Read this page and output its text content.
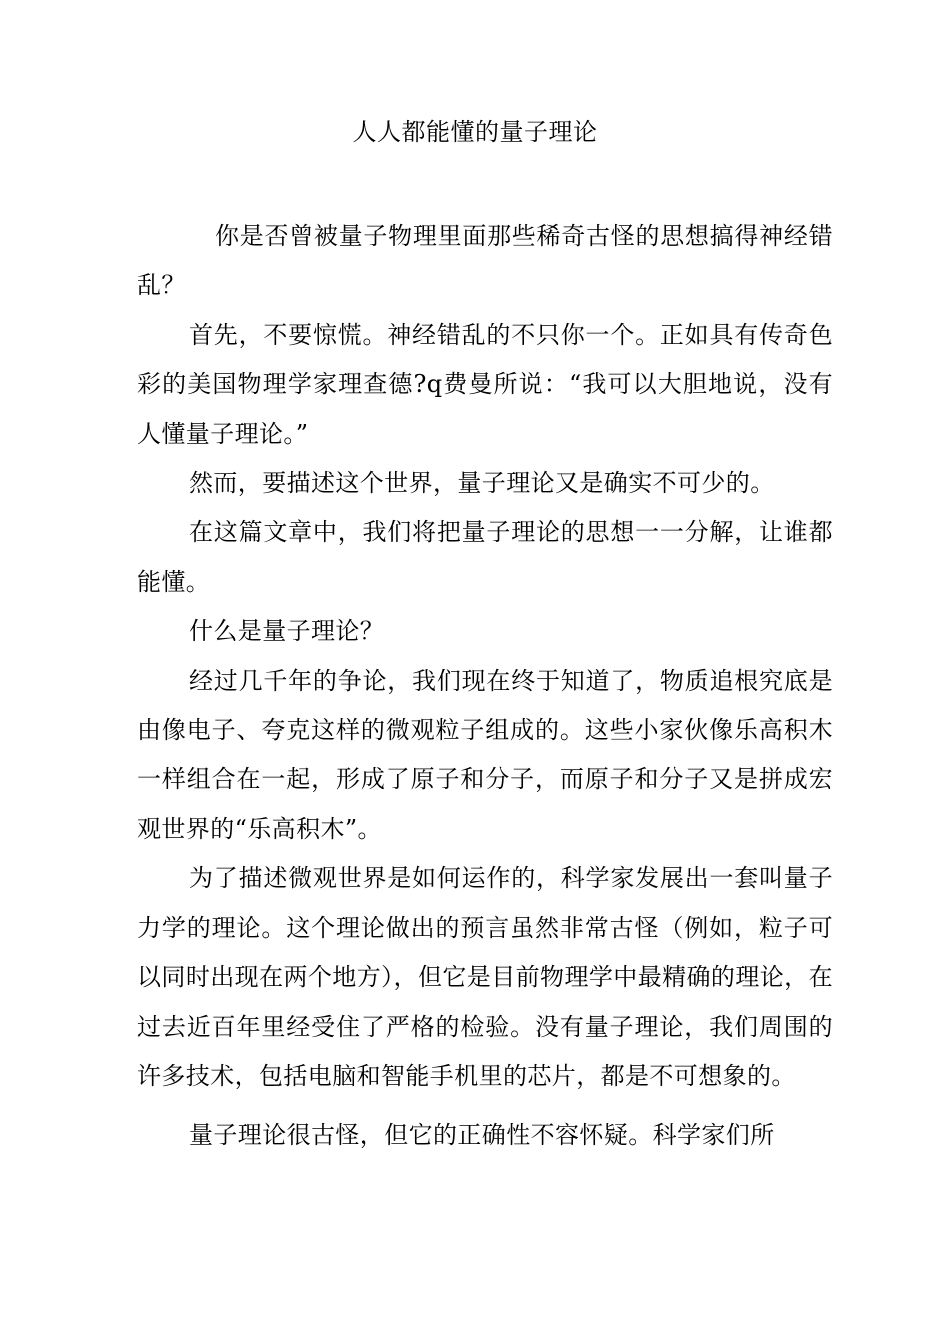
人人都能懂的量子理论

你是否曾被量子物理里面那些稀奇古怪的思想搞得神经错乱？

首先，不要惊慌。神经错乱的不只你一个。正如具有传奇色彩的美国物理学家理查德?q费曼所说：“我可以大胆地说，没有人懂量子理论。”

然而，要描述这个世界，量子理论又是确实不可少的。

在这篇文章中，我们将把量子理论的思想一一分解，让谁都能懂。

什么是量子理论？

经过几千年的争论，我们现在终于知道了，物质追根究底是由像电子、夸克这样的微观粒子组成的。这些小家伙像乐高积木一样组合在一起，形成了原子和分子，而原子和分子又是拼成宏观世界的“乐高积木”。

为了描述微观世界是如何运作的，科学家发展出一套叫量子力学的理论。这个理论做出的预言虽然非常古怪（例如，粒子可以同时出现在两个地方），但它是目前物理学中最精确的理论，在过去近百年里经受住了严格的检验。没有量子理论，我们周围的许多技术，包括电脑和智能手机里的芯片，都是不可想象的。

量子理论很古怪，但它的正确性不容怀疑。科学家们所
